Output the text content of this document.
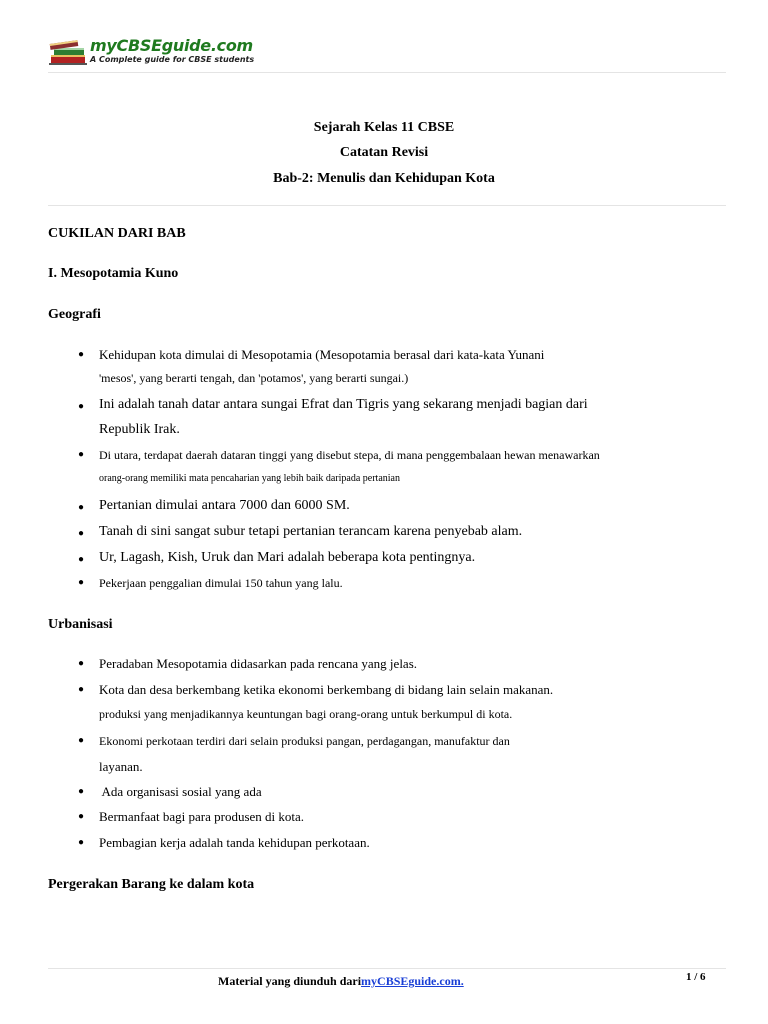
myCBSEguide.com
A Complete guide for CBSE students
Sejarah Kelas 11 CBSE
Catatan Revisi
Bab-2: Menulis dan Kehidupan Kota
CUKILAN DARI BAB
I. Mesopotamia Kuno
Geografi
● Kehidupan kota dimulai di Mesopotamia (Mesopotamia berasal dari kata-kata Yunani
'mesos', yang berarti tengah, dan 'potamos', yang berarti sungai.)
● Ini adalah tanah datar antara sungai Efrat dan Tigris yang sekarang menjadi bagian dari
Republik Irak.
● Di utara, terdapat daerah dataran tinggi yang disebut stepa, di mana penggembalaan hewan menawarkan
orang-orang memiliki mata pencaharian yang lebih baik daripada pertanian
● Pertanian dimulai antara 7000 dan 6000 SM.
● Tanah di sini sangat subur tetapi pertanian terancam karena penyebab alam.
● Ur, Lagash, Kish, Uruk dan Mari adalah beberapa kota pentingnya.
● Pekerjaan penggalian dimulai 150 tahun yang lalu.
Urbanisasi
● Peradaban Mesopotamia didasarkan pada rencana yang jelas.
● Kota dan desa berkembang ketika ekonomi berkembang di bidang lain selain makanan.
produksi yang menjadikannya keuntungan bagi orang-orang untuk berkumpul di kota.
● Ekonomi perkotaan terdiri dari selain produksi pangan, perdagangan, manufaktur dan
layanan.
● Ada organisasi sosial yang ada
● Bermanfaat bagi para produsen di kota.
● Pembagian kerja adalah tanda kehidupan perkotaan.
Pergerakan Barang ke dalam kota
Material yang diunduh darimyCBSEguide.com.	1 / 6
